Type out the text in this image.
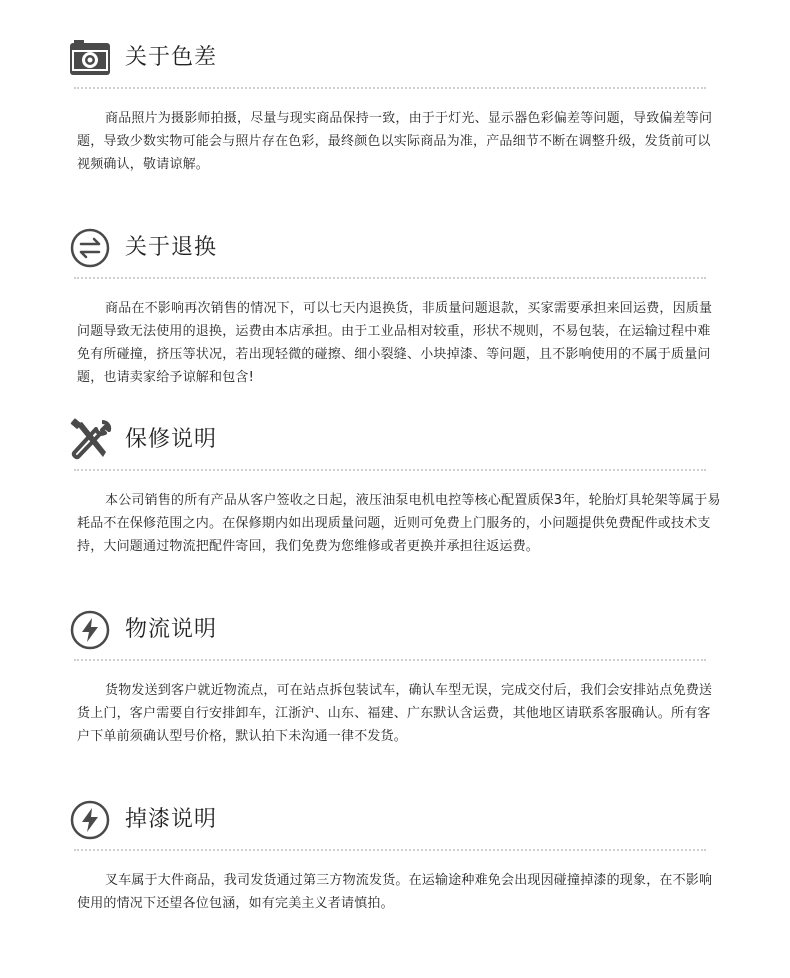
关于色差
商品照片为摄影师拍摄，尽量与现实商品保持一致，由于于灯光、显示器色彩偏差等问题，导致偏差等问题，导致少数实物可能会与照片存在色彩，最终颜色以实际商品为准，产品细节不断在调整升级，发货前可以视频确认，敬请谅解。
关于退换
商品在不影响再次销售的情况下，可以七天内退换货，非质量问题退款，买家需要承担来回运费，因质量问题导致无法使用的退换，运费由本店承担。由于工业品相对较重，形状不规则，不易包装，在运输过程中难免有所碰撞，挤压等状况，若出现轻微的碰擦、细小裂缝、小块掉漆、等问题，且不影响使用的不属于质量问题，也请卖家给予谅解和包含!
保修说明
本公司销售的所有产品从客户签收之日起，液压油泵电机电控等核心配置质保3年，轮胎灯具轮架等属于易耗品不在保修范围之内。在保修期内如出现质量问题，近则可免费上门服务的，小问题提供免费配件或技术支持，大问题通过物流把配件寄回，我们免费为您维修或者更换并承担往返运费。
物流说明
货物发送到客户就近物流点，可在站点拆包装试车，确认车型无误，完成交付后，我们会安排站点免费送货上门，客户需要自行安排卸车，江浙沪、山东、福建、广东默认含运费，其他地区请联系客服确认。所有客户下单前须确认型号价格，默认拍下未沟通一律不发货。
掉漆说明
叉车属于大件商品，我司发货通过第三方物流发货。在运输途种难免会出现因碰撞掉漆的现象，在不影响使用的情况下还望各位包涵，如有完美主义者请慎拍。
